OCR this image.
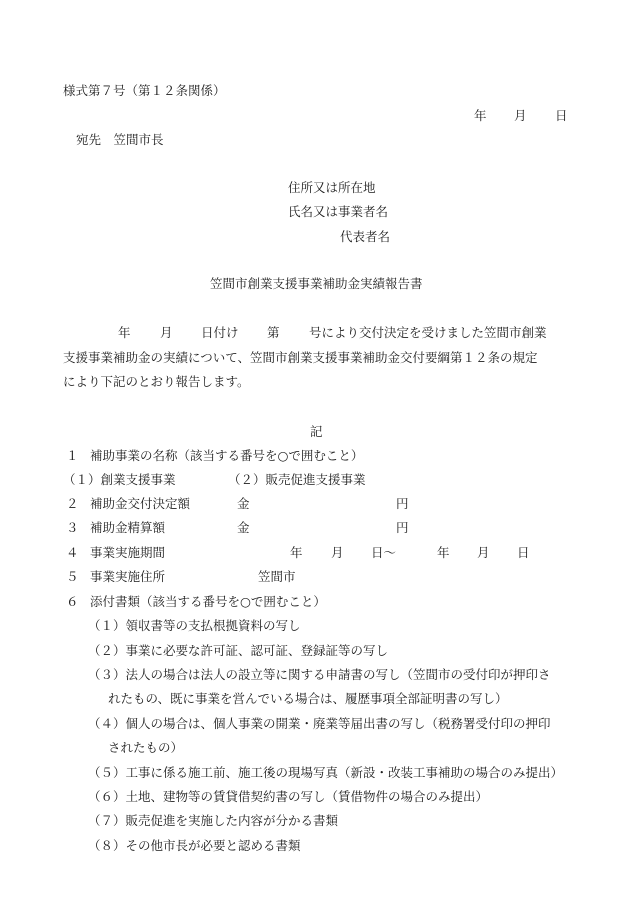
様式第７号（第１２条関係）
年 月 日
宛先　笠間市長
住所又は所在地
氏名又は事業者名
代表者名
笠間市創業支援事業補助金実績報告書
年 月 日付け 第 号により交付決定を受けました笠間市創業
支援事業補助金の実績について、笠間市創業支援事業補助金交付要綱第１２条の規定
により下記のとおり報告します。
記
１ 補助事業の名称（該当する番号を○で囲むこと）
（１）創業支援事業	（２）販売促進支援事業
２ 補助金交付決定額	金	円
３ 補助金精算額	金	円
４ 事業実施期間	年 月 日～	年 月 日
５ 事業実施住所	笠間市
６ 添付書類（該当する番号を○で囲むこと）
（１）領収書等の支払根拠資料の写し
（２）事業に必要な許可証、認可証、登録証等の写し
（３）法人の場合は法人の設立等に関する申請書の写し（笠間市の受付印が押印さ
れたもの、既に事業を営んでいる場合は、履歴事項全部証明書の写し）
（４）個人の場合は、個人事業の開業・廃業等届出書の写し（税務署受付印の押印
されたもの）
（５）工事に係る施工前、施工後の現場写真（新設・改装工事補助の場合のみ提出）
（６）土地、建物等の賃貸借契約書の写し（賃借物件の場合のみ提出）
（７）販売促進を実施した内容が分かる書類
（８）その他市長が必要と認める書類
